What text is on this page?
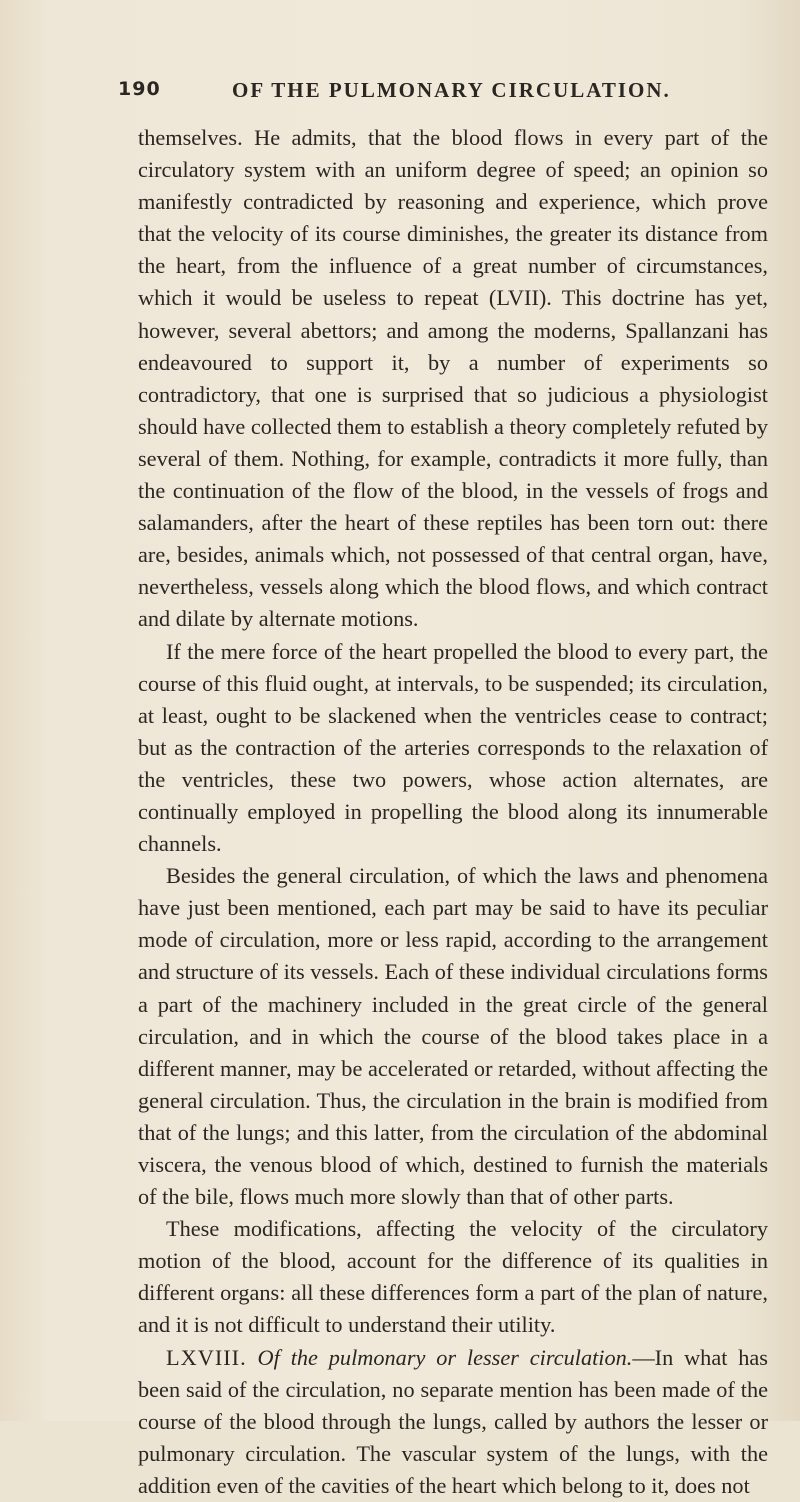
190	OF THE PULMONARY CIRCULATION.

themselves. He admits, that the blood flows in every part of the circulatory system with an uniform degree of speed; an opinion so manifestly contradicted by reasoning and experience, which prove that the velocity of its course diminishes, the greater its distance from the heart, from the influence of a great number of circumstances, which it would be useless to repeat (LVII). This doctrine has yet, however, several abettors; and among the moderns, Spallanzani has endeavoured to support it, by a number of experiments so contradictory, that one is surprised that so judicious a physiologist should have collected them to establish a theory completely refuted by several of them. Nothing, for example, contradicts it more fully, than the continuation of the flow of the blood, in the vessels of frogs and salamanders, after the heart of these reptiles has been torn out: there are, besides, animals which, not possessed of that central organ, have, nevertheless, vessels along which the blood flows, and which contract and dilate by alternate motions.

If the mere force of the heart propelled the blood to every part, the course of this fluid ought, at intervals, to be suspended; its circulation, at least, ought to be slackened when the ventricles cease to contract; but as the contraction of the arteries corresponds to the relaxation of the ventricles, these two powers, whose action alternates, are continually employed in propelling the blood along its innumerable channels.

Besides the general circulation, of which the laws and phenomena have just been mentioned, each part may be said to have its peculiar mode of circulation, more or less rapid, according to the arrangement and structure of its vessels. Each of these individual circulations forms a part of the machinery included in the great circle of the general circulation, and in which the course of the blood takes place in a different manner, may be accelerated or retarded, without affecting the general circulation. Thus, the circulation in the brain is modified from that of the lungs; and this latter, from the circulation of the abdominal viscera, the venous blood of which, destined to furnish the materials of the bile, flows much more slowly than that of other parts.

These modifications, affecting the velocity of the circulatory motion of the blood, account for the difference of its qualities in different organs: all these differences form a part of the plan of nature, and it is not difficult to understand their utility.

LXVIII. Of the pulmonary or lesser circulation.—In what has been said of the circulation, no separate mention has been made of the course of the blood through the lungs, called by authors the lesser or pulmonary circulation. The vascular system of the lungs, with the addition even of the cavities of the heart which belong to it, does not
